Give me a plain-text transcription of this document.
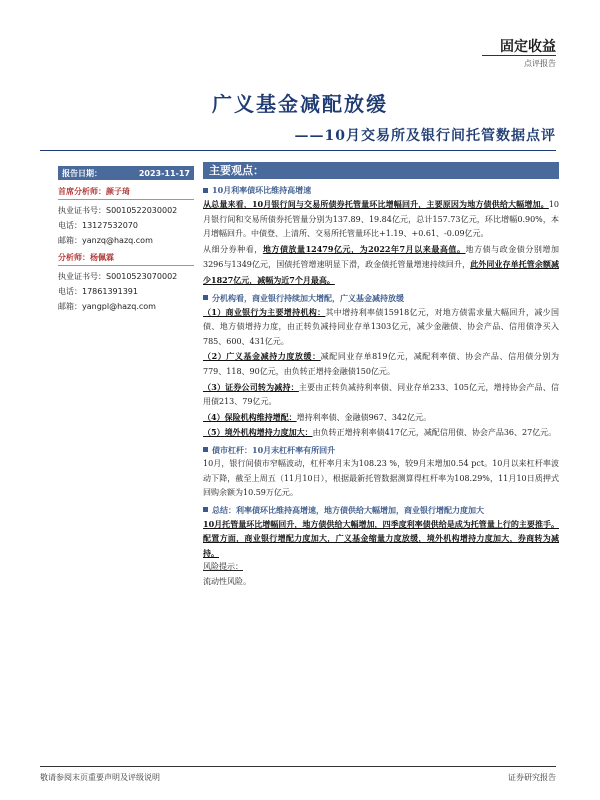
固定收益
点评报告
广义基金减配放缓
——10月交易所及银行间托管数据点评
报告日期：	2023-11-17
首席分析师：颜子琦
执业证书号：S0010522030002
电话：13127532070
邮箱：yanzq@hazq.com
分析师：杨佩霖
执业证书号：S0010523070002
电话：17861391391
邮箱：yangpl@hazq.com
主要观点：
10月利率债环比维持高增速
从总量来看，10月银行间与交易所债券托管量环比增幅回升，主要原因为地方债供给大幅增加。10月银行间和交易所债券托管量分别为137.89、19.84亿元，总计157.73亿元，环比增幅0.90%，本月增幅回升。中债登、上清所、交易所托管量环比+1.19、+0.61、-0.09亿元。
从细分券种看，地方债放量12479亿元，为2022年7月以来最高值。地方债与政金债分别增加3296与1349亿元，国债托管增速明显下滑，政金债托管量增速持续回升，此外同业存单托管余额减少1827亿元，减幅为近7个月最高。
分机构看，商业银行持续加大增配，广义基金减持放缓
（1）商业银行为主要增持机构：其中增持利率债15918亿元，对地方债需求量大幅回升，减少国债、地方债增持力度，由正转负减持同业存单1303亿元，减少金融债、协会产品、信用债净买入785、600、431亿元。
（2）广义基金减持力度放缓：减配同业存单819亿元，减配利率债、协会产品、信用债分别为779、118、90亿元，由负转正增持金融债150亿元。
（3）证券公司转为减持：主要由正转负减持利率债、同业存单233、105亿元，增持协会产品、信用债213、79亿元。
（4）保险机构维持增配：增持利率债、金融债967、342亿元。
（5）境外机构增持力度加大：由负转正增持利率债417亿元，减配信用债、协会产品36、27亿元。
债市杠杆：10月末杠杆率有所回升
10月，银行间债市窄幅波动，杠杆率月末为108.23 %，较9月末增加0.54 pct。10月以来杠杆率波动下降，截至上周五（11月10日），根据最新托管数据测算得杠杆率为108.29%，11月10日质押式回购余额为10.59万亿元。
总结：利率债环比维持高增速，地方债供给大幅增加，商业银行增配力度加大
10月托管量环比增幅回升，地方债供给大幅增加，四季度利率债供给是成为托管量上行的主要推手。配置方面，商业银行增配力度加大，广义基金缩量力度放缓，境外机构增持力度加大，券商转为减持。
风险提示：
流动性风险。
敬请参阅末页重要声明及评级说明	证券研究报告
